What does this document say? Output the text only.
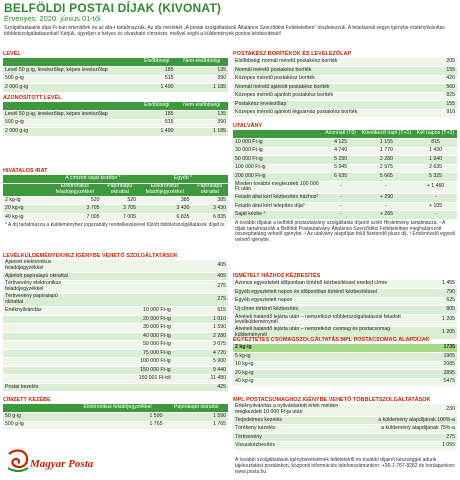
BELFÖLDI POSTAI DÍJAK (KIVONAT)
Érvényes: 2020. június 01-től
Szolgáltatásaink díjai Ft-ban értendőek és az áfa-t tartalmazzák. Az áfa mértékét „A postai szolgáltatások Általános Szerződési Feltételeiben” részletezzük. A feladásnál vegye igénybe értéknyilvánítás többletszolgáltatásunkat! Kérjük, ügyeljen a helyes és olvasható címzésre, mellyel segíti a küldemények pontos kézbesítését!
LEVÉL
	Elsőbbségi	Nem elsőbbségi
Levél 50 g-ig, levelezőlap, képes levelezőlap	185	135
500 g-ig	515	390
2 000 g-ig	1 490	1 185
AZONOSÍTOTT LEVÉL
	Elsőbbségi	Nem elsőbbségi
Levél 50 g-ig, levelezőlap, képes levelezőlap	185	135
500 g-ig	515	390
2 000 g-ig	1 490	1 185
HIVATALOS IRAT
	A címzett saját kezébe *		Egyéb *	
	Elektronikus feladójegyzékkel	Papíralapú okirattal	Elektronikus feladójegyzékkel	Papíralapú okirattal
2 kg-ig	520	520	385	385
20 kg-ig	3 705	3 705	3 430	3 430
40 kg-ig	7 005	7 005	6 835	6 835
* A díj tartalmazza a küldeményhez jogszabály rendelkezésével fűzött többletszolgáltatások díjait is.
LEVÉLKÜLDEMÉNYEKHEZ IGÉNYBE VEHETŐ SZOLGÁLTATÁSOK
Ajánlott elektronikus feladójegyzékkel		405
Ajánlott papíralapú okirattal		405
Tértivevény elektronikus feladójegyzékkel		275
Tértivevény papíralapú okirattal		275
Értéknyilvánítás	10 000 Ft-ig	615
	20 000 Ft-ig	1 010
	30 000 Ft-ig	1 590
	40 000 Ft-ig	2 280
	50 000 Ft-ig	3 075
	75 000 Ft-ig	4 720
	100 000 Ft-ig	5 900
	150 000 Ft-ig	9 440
	150 001 Ft-tól	11 480
Postai kezelés		425
CÍMZETT KEZÉBE
	Elektronikus feladójegyzékkel	Papíralapú okirattal
50 g-ig	1 590	1 590
500 g-ig	1 765	1 765
POSTAKÉSZ BORÍTÉKOK ÉS LEVELEZŐLAP
Elsőbbségi normál méretű postakész boríték	205
Normál méretű postakész boríték	155
Közepes méretű postakész boríték	420
Normál méretű ajánlott postakész boríték	560
Közepes méretű ajánlott postakész boríték	825
Postakész levelezőlap	155
Közepes méretű ajánlott légpárnás postakész boríték	910
UTALVÁNY
	Azonnali (T0)	Következő napi (T+1)	Két napos (T+2)
10 000 Ft-ig	4 125	1 155	815
30 000 Ft-ig	4 740	1 770	1 430
50 000 Ft-ig	5 250	2 280	1 940
100 000 Ft-ig	5 945	2 975	2 635
200 000 Ft-ig	6 635	5 665	5 325
Minden további megkezdett 100 000 Ft után	-	-	+ 1 460
Feladó által kért kézbesítés házhoz²	-	+ 290	-
Feladó által kért telepítés díja³	-	-	+ 105
Saját kézbe ²	-	+ 265	-
A további díjakat a belföldi postautalvány szolgáltatás díjairól szóló Hirdetmény tartalmazza. ¹ A díjak tartalmazzák a Belföldi Postautalvány Általános Szerződési Feltételeiben meghatározott összeghatárig vehető igénybe. ² Az utalvány alapdíján felül fizetendő plusz díj. ³ Értéknövelő egyedi vehető igénybe.
ISMÉTELT HÁZHOZ KÉZBESÍTÉS
Azonos egyeztetett időponban történő kézbesítéssel ereded címre	1 455
Egyéb egyeztetett napon és időpontban történő kézbesítéssel	790
Egyéb egyeztetett napon	625
Új címre történő kézbesítés	805
Átvételi határidő lejárta után – nemzetközi többletszolgáltatással feladott levélküldeménynél	1 205
Átvételi határidő lejárta után – nemzetközi csomag és postacsomag küldeménynél	1 205
EGYEZTETES CSOMAGSZOLGÁLTATÁS MPL POSTACSOMAG ALAPDÍJAK
2 kg-ig	1735
5 kg-ig	1965
10 kg-ig	2085
20 kg-ig	2895
40 kg-ig	5475
MPL POSTACSOMAGHOZ IGÉNYBE VEHETŐ TÖBBLETSZOLGÁLTATÁSOK
Értéknyilvánítás a nyilvántartott érték minden megkezdett 10 000 Ft-ja után	230
Terjedelmes kezelés	a küldemény alapdíjának 100%-a
Törékeny kezelés	a küldemény alapdíjának 75%-a
Tértivevény	275
Visszakézbesítés	1 055
Magyar Posta	A további szolgáltatások igénybevételének feltételeiről és további díjairól készséggel adunk tájékoztatást postáinkon, központi információs telefonszámunkon: +36-1-767-8282 és honlapunkon: www.posta.hu
